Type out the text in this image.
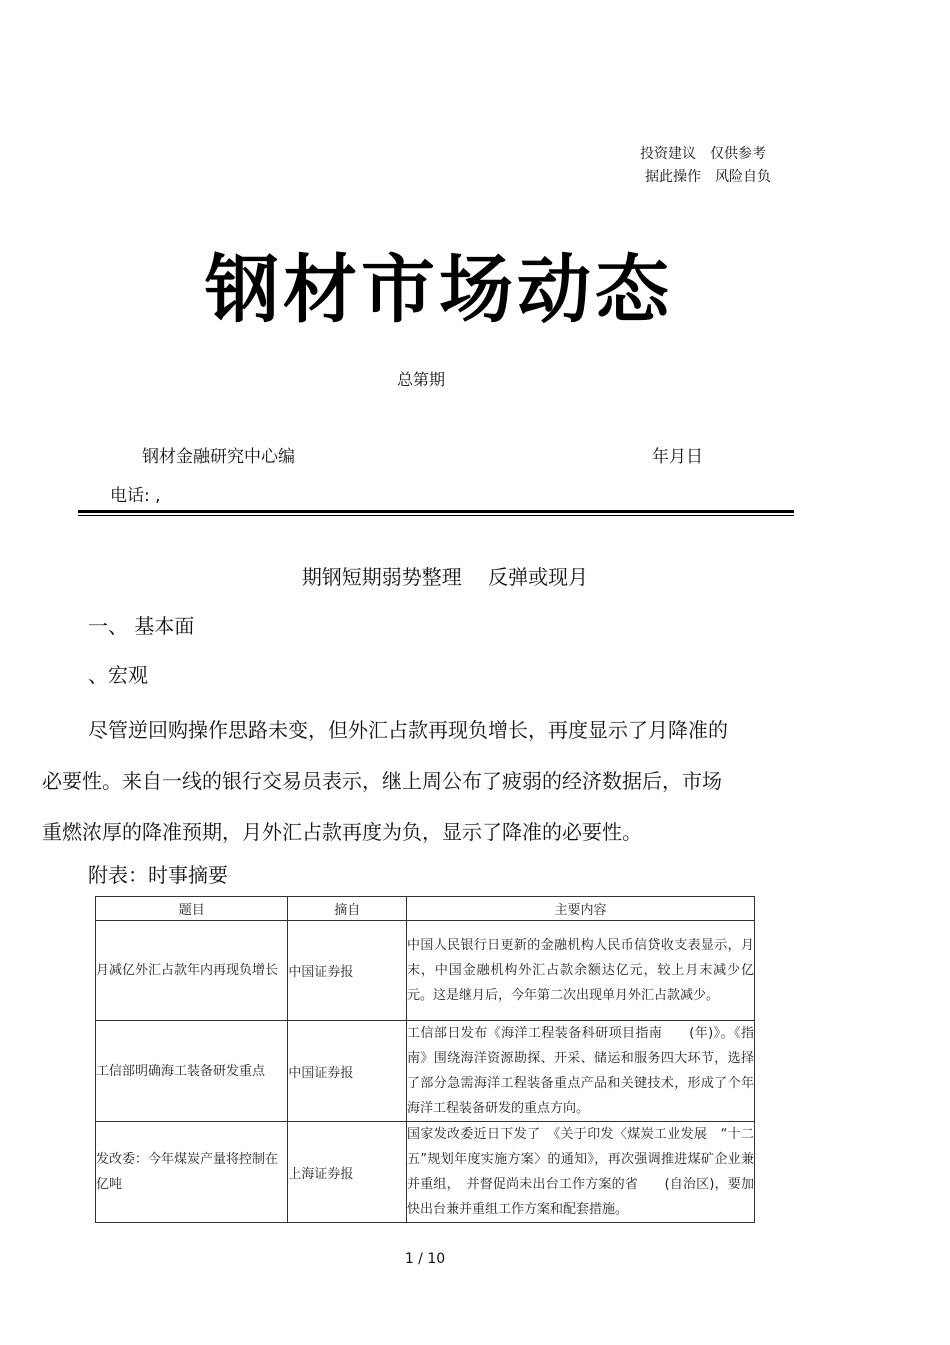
投资建议　仅供参考
据此操作　风险自负
钢材市场动态
总第期
钢材金融研究中心编	年月日
电话: ,
期钢短期弱势整理　 反弹或现月
一、 基本面
、宏观
尽管逆回购操作思路未变，但外汇占款再现负增长，再度显示了月降准的
必要性。来自一线的银行交易员表示，继上周公布了疲弱的经济数据后，市场
重燃浓厚的降准预期，月外汇占款再度为负，显示了降准的必要性。
附表：时事摘要
题目	摘自	主要内容
月减亿外汇占款年内再现负增长	中国证券报	中国人民银行日更新的金融机构人民币信贷收支表显示，月末，中国金融机构外汇占款余额达亿元，较上月末减少亿元。这是继月后，今年第二次出现单月外汇占款减少。
工信部明确海工装备研发重点	中国证券报	工信部日发布《海洋工程装备科研项目指南　　(年)》。《指南》围绕海洋资源勘探、开采、储运和服务四大环节，选择了部分急需海洋工程装备重点产品和关键技术，形成了个年海洋工程装备研发的重点方向。
发改委：今年煤炭产量将控制在亿吨	上海证券报	国家发改委近日下发了　《关于印发〈煤炭工业发展　“十二五”规划年度实施方案〉的通知》，再次强调推进煤矿企业兼并重组，　并督促尚未出台工作方案的省　　(自治区)，要加快出台兼并重组工作方案和配套措施。
1 / 10
